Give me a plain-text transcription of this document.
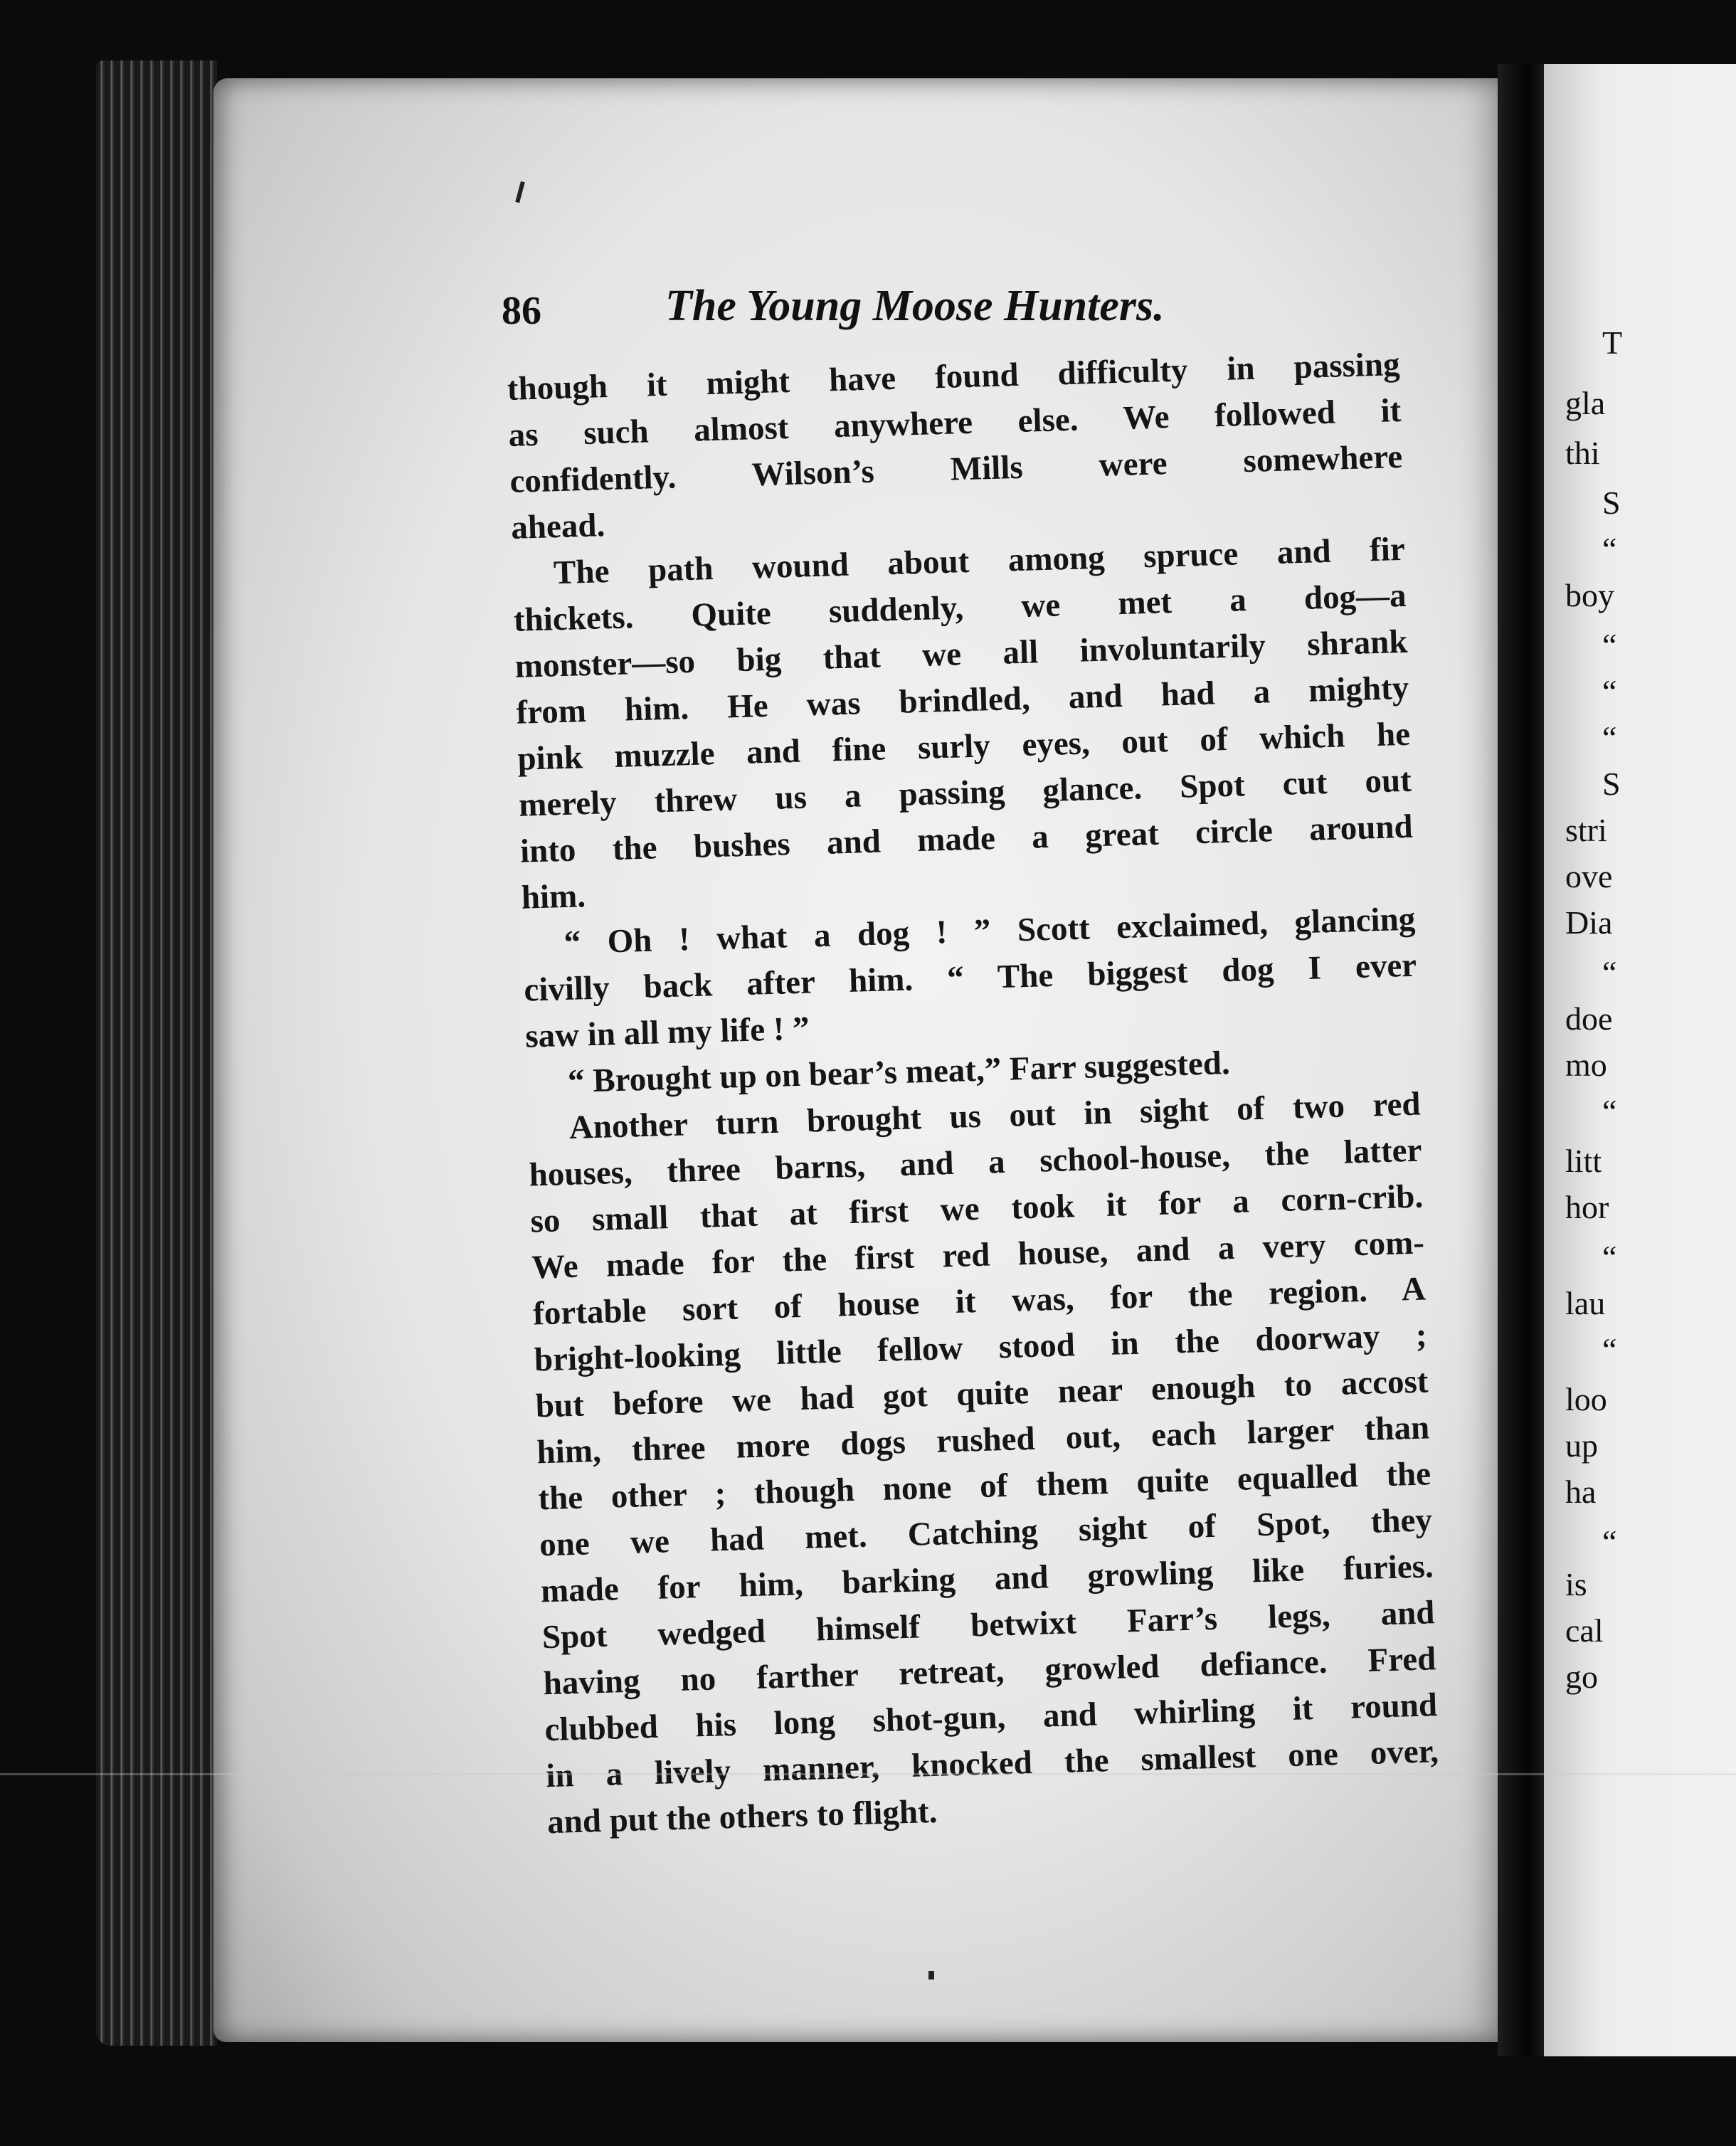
86	The Young Moose Hunters.
though it might have found difficulty in passing
as such almost anywhere else. We followed it
confidently. Wilson’s Mills were somewhere
ahead.
The path wound about among spruce and fir
thickets. Quite suddenly, we met a dog—a
monster—so big that we all involuntarily shrank
from him. He was brindled, and had a mighty
pink muzzle and fine surly eyes, out of which he
merely threw us a passing glance. Spot cut out
into the bushes and made a great circle around
him.
“ Oh ! what a dog ! ” Scott exclaimed, glancing
civilly back after him. “ The biggest dog I ever
saw in all my life ! ”
“ Brought up on bear’s meat,” Farr suggested.
Another turn brought us out in sight of two red
houses, three barns, and a school-house, the latter
so small that at first we took it for a corn-crib.
We made for the first red house, and a very com-
fortable sort of house it was, for the region. A
bright-looking little fellow stood in the doorway ;
but before we had got quite near enough to accost
him, three more dogs rushed out, each larger than
the other ; though none of them quite equalled the
one we had met. Catching sight of Spot, they
made for him, barking and growling like furies.
Spot wedged himself betwixt Farr’s legs, and
having no farther retreat, growled defiance. Fred
clubbed his long shot-gun, and whirling it round
in a lively manner, knocked the smallest one over,
and put the others to flight.
T
gla
thi
S
“
boy
“
“
“
S
stri
ove
Dia
“
doe
mo
“
litt
hor
“
lau
“
loo
up
ha
“
is
cal
go
